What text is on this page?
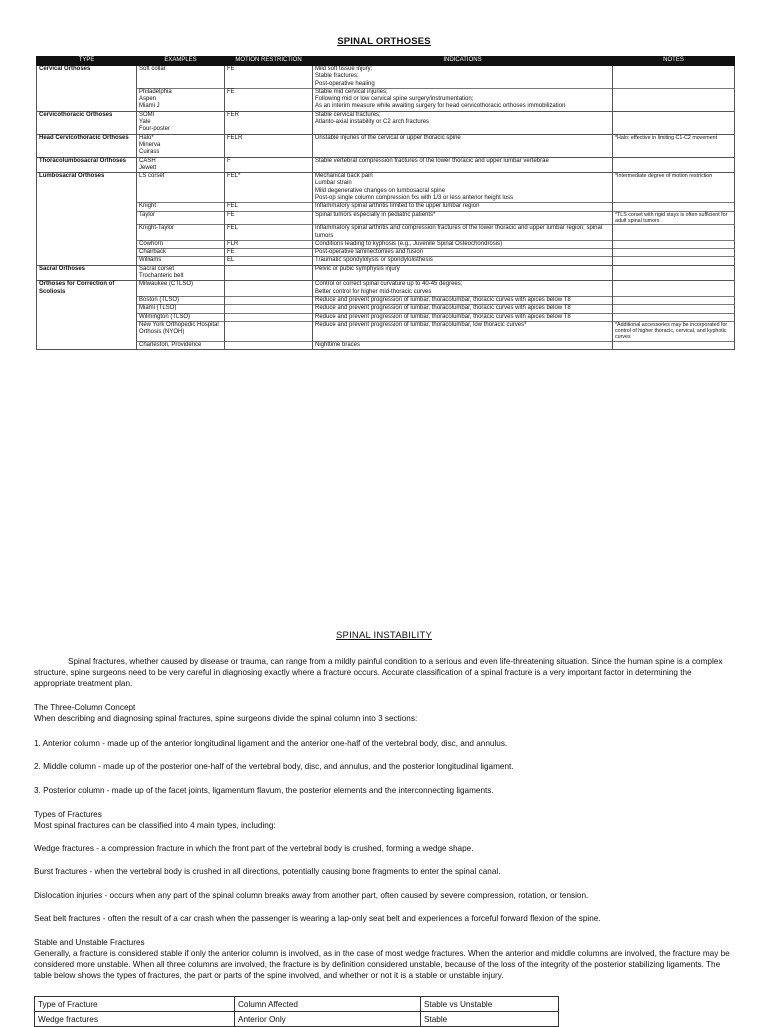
SPINAL ORTHOSES
TYPE	EXAMPLES	MOTION RESTRICTION	INDICATIONS	NOTES
Cervical Orthoses	Soft collar	FE	Mild soft tissue injury;
Stable fractures;
Post-operative healing	
	Philadelphia
Aspen
Miami J	FE	Stable mid cervical injuries;
Following mid or low cervical spine surgery/instrumentation;
As an interim measure while awaiting surgery for head cervicothoracic orthoses immobilization	
Cervicothoracic Orthoses	SOMI
Yale
Four-poster	FER	Stable cervical fractures;
Atlanto-axial instability or C2 arch fractures	
Head Cervicothoracic Orthoses	Halo*
Minerva
Cuirass	FELR	Unstable injuries of the cervical or upper thoracic spine	*Halo: effective in limiting C1-C2 movement
Thoracolumbosacral Orthoses	CASH
Jewett	F	Stable vertebral compression fractures of the lower thoracic and upper lumbar vertebrae	
Lumbosacral Orthoses	LS corset	FEL*	Mechanical back pain
Lumbar strain
Mild degenerative changes on lumbosacral spine
Post-op single column compression fxs with 1/3 or less anterior height loss	*Intermediate degree of motion restriction
	Knight	FEL	Inflammatory spinal arthritis limited to the upper lumbar region	
	Taylor	FE	Spinal tumors especially in pediatric patients*	*TLS corset with rigid stays is often sufficient for adult spinal tumors
	Knight-Taylor	FEL	Inflammatory spinal arthritis and compression fractures of the lower thoracic and upper lumbar region; spinal tumors	
	Cowhorn	FLR	Conditions leading to kyphosis (e.g., Juvenile Spinal Osteochondrosis)	
	Chairback	FE	Post-operative laminectomies and fusion	
	Williams	EL	Traumatic spondylolysis or spondylolisthesis	
Sacral Orthoses	Sacral corset
Trochanteric belt		Pelvic or pubic symphysis injury	
Orthoses for Correction of Scoliosis	Milwaukee (CTLSO)		Control or correct spinal curvature up to 40-45 degrees;
Better control for higher mid-thoracic curves	
	Boston (TLSO)		Reduce and prevent progression of lumbar, thoracolumbar, thoracic curves with apices below T8	
	Miami (TLSO)		Reduce and prevent progression of lumbar, thoracolumbar, thoracic curves with apices below T8	
	Wilmington (TLSO)		Reduce and prevent progression of lumbar, thoracolumbar, thoracic curves with apices below T8	
	New York Orthopedic Hospital Orthosis (NYOH)		Reduce and prevent progression of lumbar, thoracolumbar, low thoracic curves*	*Additional accessories may be incorporated for control of higher thoracic, cervical, and kyphotic curves
	Charleston, Providence		Nighttime braces	
SPINAL INSTABILITY

Spinal fractures, whether caused by disease or trauma, can range from a mildly painful condition to a serious and even life-threatening situation. Since the human spine is a complex structure, spine surgeons need to be very careful in diagnosing exactly where a fracture occurs. Accurate classification of a spinal fracture is a very important factor in determining the appropriate treatment plan.

The Three-Column Concept

When describing and diagnosing spinal fractures, spine surgeons divide the spinal column into 3 sections:

1. Anterior column - made up of the anterior longitudinal ligament and the anterior one-half of the vertebral body, disc, and annulus.

2. Middle column - made up of the posterior one-half of the vertebral body, disc, and annulus, and the posterior longitudinal ligament.

3. Posterior column - made up of the facet joints, ligamentum flavum, the posterior elements and the interconnecting ligaments.

Types of Fractures

Most spinal fractures can be classified into 4 main types, including:

Wedge fractures - a compression fracture in which the front part of the vertebral body is crushed, forming a wedge shape.

Burst fractures - when the vertebral body is crushed in all directions, potentially causing bone fragments to enter the spinal canal.

Dislocation injuries - occurs when any part of the spinal column breaks away from another part, often caused by severe compression, rotation, or tension.

Seat belt fractures - often the result of a car crash when the passenger is wearing a lap-only seat belt and experiences a forceful forward flexion of the spine.

Stable and Unstable Fractures

Generally, a fracture is considered stable if only the anterior column is involved, as in the case of most wedge fractures. When the anterior and middle columns are involved, the fracture may be considered more unstable. When all three columns are involved, the fracture is by definition considered unstable, because of the loss of the integrity of the posterior stabilizing ligaments. The table below shows the types of fractures, the part or parts of the spine involved, and whether or not it is a stable or unstable injury.

Type of Fracture	Column Affected	Stable vs Unstable
Wedge fractures	Anterior Only	Stable
